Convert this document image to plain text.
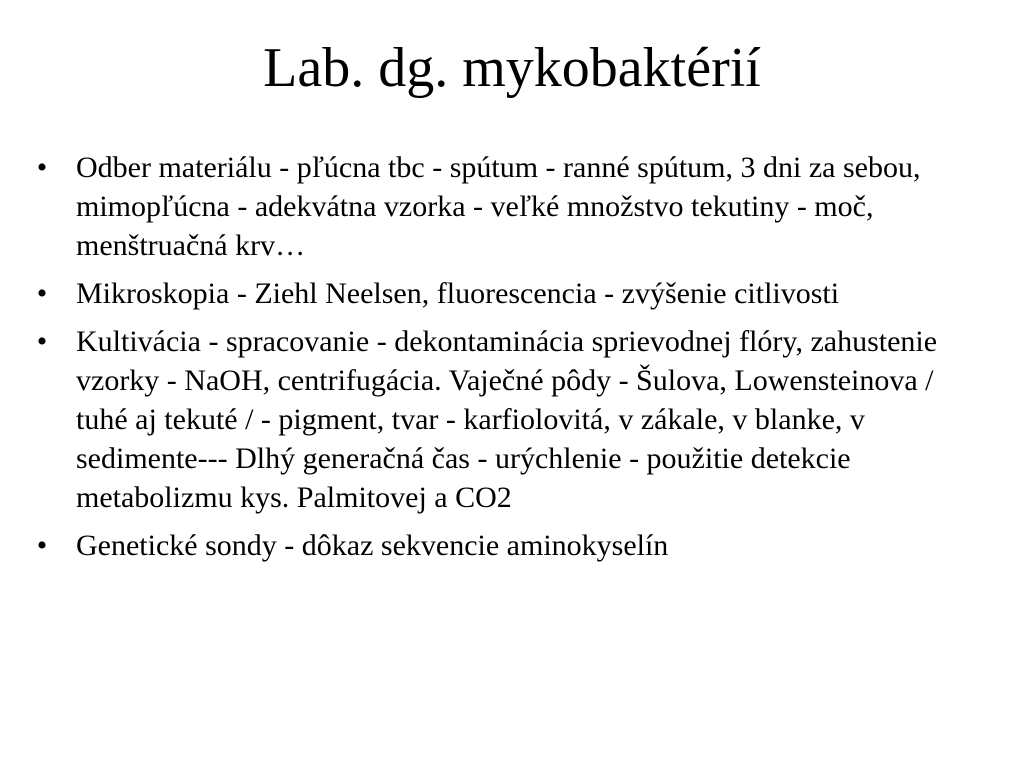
Lab. dg. mykobaktérií
• Odber materiálu - pľúcna tbc - spútum - ranné spútum, 3 dni za sebou, mimopľúcna - adekvátna vzorka - veľké množstvo tekutiny - moč, menštruačná krv…
• Mikroskopia - Ziehl Neelsen, fluorescencia - zvýšenie citlivosti
• Kultivácia - spracovanie - dekontaminácia sprievodnej flóry, zahustenie vzorky - NaOH, centrifugácia. Vaječné pôdy - Šulova, Lowensteinova / tuhé aj tekuté / - pigment, tvar - karfiolovitá, v zákale, v blanke, v sedimente--- Dlhý generačná čas - urýchlenie - použitie detekcie metabolizmu kys. Palmitovej a CO2
• Genetické sondy - dôkaz sekvencie aminokyselín
